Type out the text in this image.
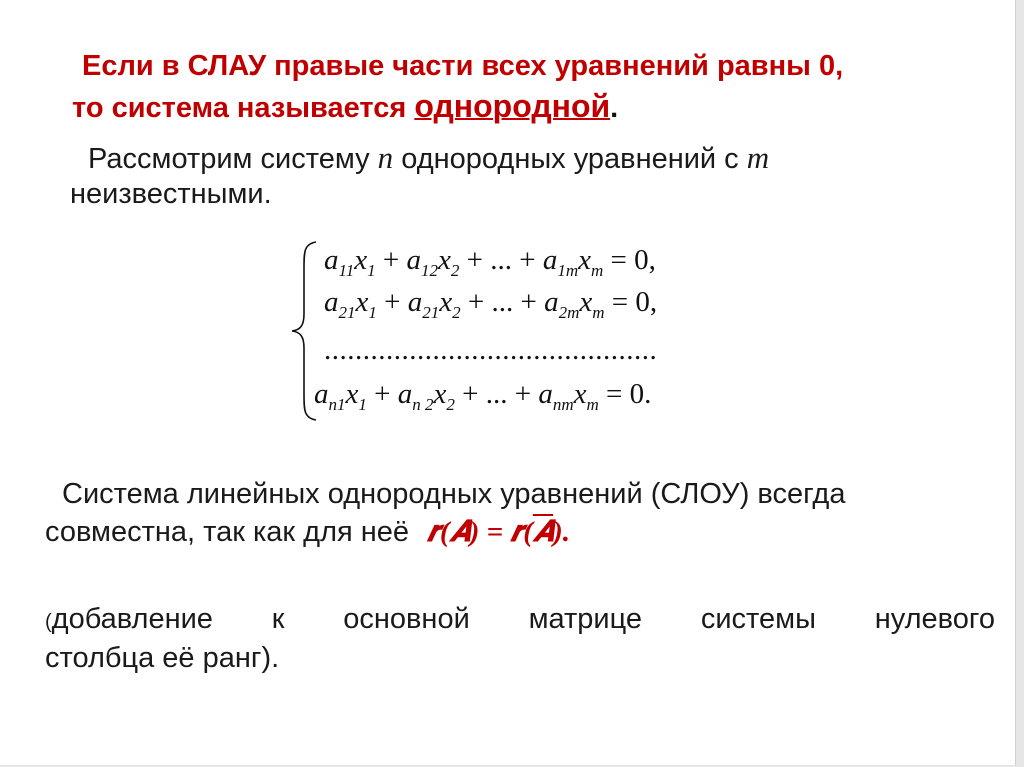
Если в СЛАУ правые части всех уравнений равны 0,
то система называется однородной.
Рассмотрим систему n однородных уравнений с m
неизвестными.
$a_{11}x_1 + a_{12}x_2$ + ... + $a_{1m}x_m = 0$,
$a_{21}x_1 + a_{21}x_2$ + ... + $a_{2m}x_m = 0$,
...........................................
$a_{n1}x_1 + a_{n 2}x_2$ + ... + $a_{nm}x_m = 0$.
Система линейных однородных уравнений (СЛОУ) всегда
совместна, так как для неё 𝒓(𝑨) = 𝒓(𝑨).
(добавление к основной матрице системы нулевого
столбца её ранг).
